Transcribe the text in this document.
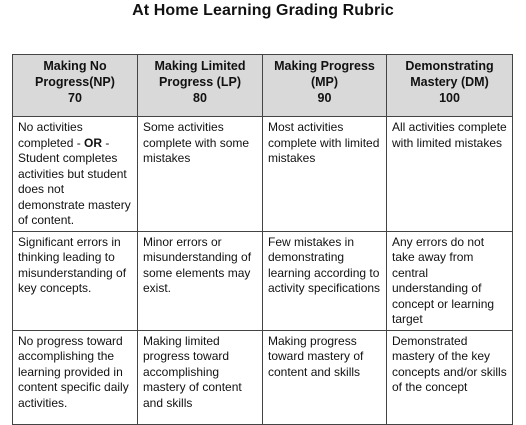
At Home Learning Grading Rubric
Making No
Progress(NP)
70	Making Limited
Progress (LP)
80	Making Progress
(MP)
90	Demonstrating
Mastery (DM)
100

No activities completed - OR - Student completes activities but student does not demonstrate mastery of content.	Some activities complete with some mistakes	Most activities complete with limited mistakes	All activities complete with limited mistakes
Significant errors in thinking leading to misunderstanding of key concepts.	Minor errors or misunderstanding of some elements may exist.	Few mistakes in demonstrating learning according to activity specifications	Any errors do not take away from central understanding of concept or learning target
No progress toward accomplishing the learning provided in content specific daily activities.	Making limited progress toward accomplishing mastery of content and skills	Making progress toward mastery of content and skills	Demonstrated mastery of the key concepts and/or skills of the concept
